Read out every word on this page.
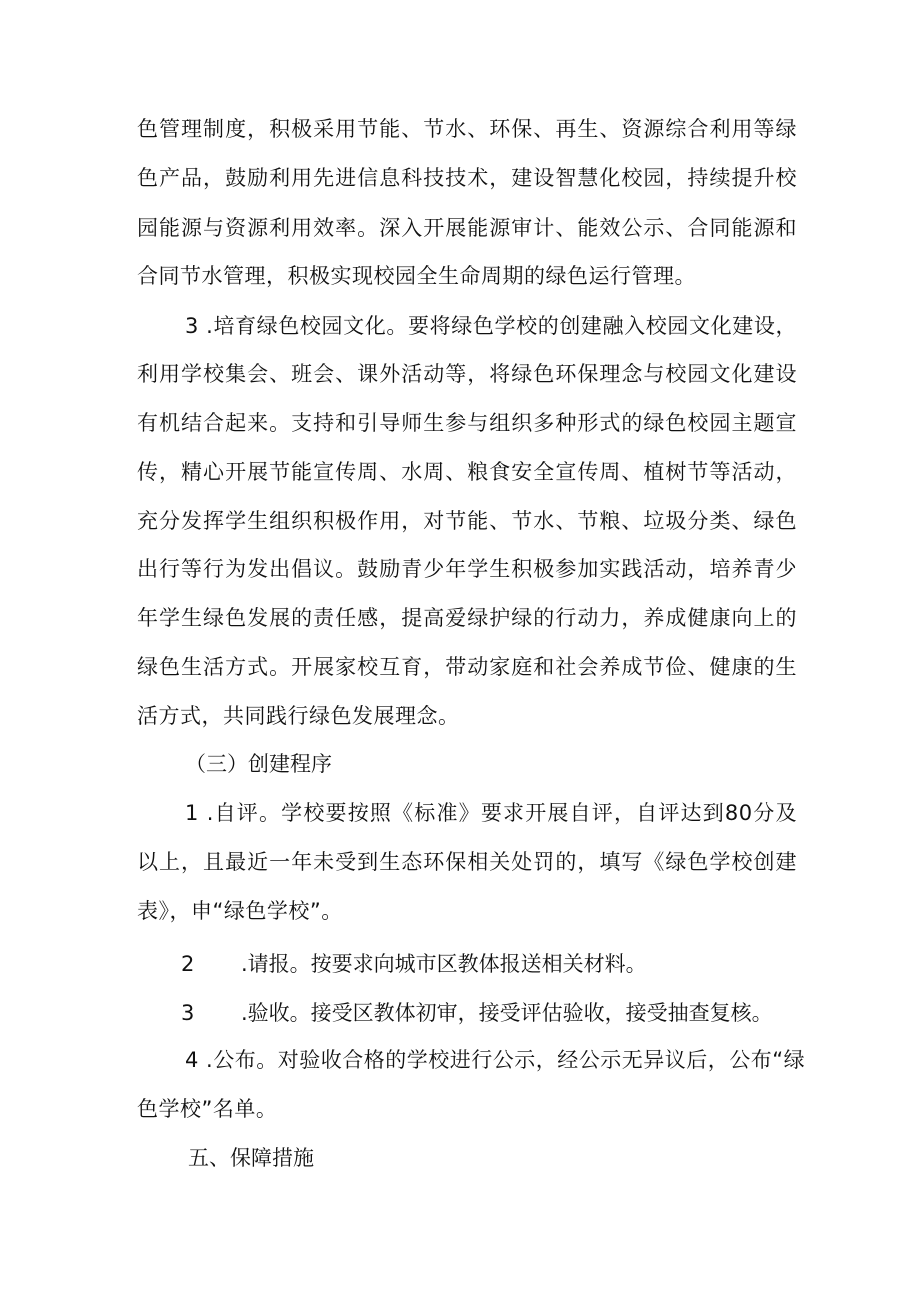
色管理制度，积极采用节能、节水、环保、再生、资源综合利用等绿
色产品，鼓励利用先进信息科技技术，建设智慧化校园，持续提升校
园能源与资源利用效率。深入开展能源审计、能效公示、合同能源和
合同节水管理，积极实现校园全生命周期的绿色运行管理。
3 .培育绿色校园文化。要将绿色学校的创建融入校园文化建设，
利用学校集会、班会、课外活动等，将绿色环保理念与校园文化建设
有机结合起来。支持和引导师生参与组织多种形式的绿色校园主题宣
传，精心开展节能宣传周、水周、粮食安全宣传周、植树节等活动，
充分发挥学生组织积极作用，对节能、节水、节粮、垃圾分类、绿色
出行等行为发出倡议。鼓励青少年学生积极参加实践活动，培养青少
年学生绿色发展的责任感，提高爱绿护绿的行动力，养成健康向上的
绿色生活方式。开展家校互育，带动家庭和社会养成节俭、健康的生
活方式，共同践行绿色发展理念。
（三）创建程序
1 .自评。学校要按照《标准》要求开展自评，自评达到80分及
以上，且最近一年未受到生态环保相关处罚的，填写《绿色学校创建
表》，申“绿色学校”。
2 .请报。按要求向城市区教体报送相关材料。
3 .验收。接受区教体初审，接受评估验收，接受抽查复核。
4 .公布。对验收合格的学校进行公示，经公示无异议后，公布“绿
色学校”名单。
五、保障措施
